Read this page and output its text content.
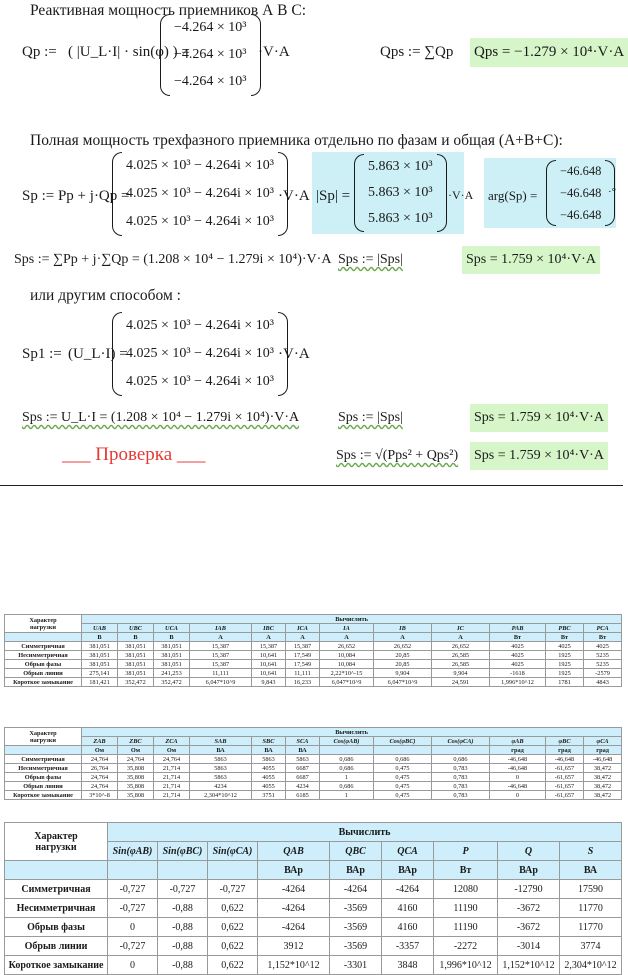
Реактивная мощность приемников А В С:
Qp := ( |U_L·I| · sin(φ) ) =
−4.264 × 10³
−4.264 × 10³
−4.264 × 10³
·V·A	Qps := ∑Qp Qps = −1.279 × 10⁴·V·A
Полная мощность трехфазного приемника отдельно по фазам и общая (A+B+C):
Sp := Pp + j·Qp =
4.025 × 10³ − 4.264i × 10³
4.025 × 10³ − 4.264i × 10³
4.025 × 10³ − 4.264i × 10³
·V·A |Sp| =
5.863 × 10³
5.863 × 10³
5.863 × 10³
·V·A arg(Sp) =
−46.648
−46.648
−46.648
·°
Sps := ∑Pp + j·∑Qp = (1.208 × 10⁴ − 1.279i × 10⁴)·V·A Sps := |Sps|	Sps = 1.759 × 10⁴·V·A
или другим способом :
Sp1 := (U_L·I) =
4.025 × 10³ − 4.264i × 10³
4.025 × 10³ − 4.264i × 10³
4.025 × 10³ − 4.264i × 10³
·V·A
Sps := U_L·I = (1.208 × 10⁴ − 1.279i × 10⁴)·V·A	Sps := |Sps|	Sps = 1.759 × 10⁴·V·A
___ Проверка ___	Sps := √(Pps² + Qps²) Sps = 1.759 × 10⁴·V·A
Характер
нагрузки	Вычислить											
	UAB	UBC	UCA	IAB	IBC	ICA	IA	IB	IC	PAB	PBC	PCA
	В	В	В	А	А	А	А	А	А	Вт	Вт	Вт
Симметричная	381,051	381,051	381,051	15,387	15,387	15,387	26,652	26,652	26,652	4025	4025	4025
Несимметричная	381,051	381,051	381,051	15,387	10,641	17,549	10,084	20,85	26,585	4025	1925	5235
Обрыв фазы	381,051	381,051	381,051	15,387	10,641	17,549	10,084	20,85	26,585	4025	1925	5235
Обрыв линии	275,141	381,051	241,253	11,111	10,641	11,111	2,22*10^-15	9,904	9,904	-1618	1925	-2579
Короткое замыкание	181,421	352,472	352,472	6,047*10^9	9,843	16,233	6,047*10^9	6,047*10^9	24,591	1,996*10^12	1781	4843
Характер
нагрузки	Вычислить											
	ZAB	ZBC	ZCA	SAB	SBC	SCA	Cos(φAB)	Cos(φBC)	Cos(φCA)	φAB	φBC	φCA
	Ом	Ом	Ом	ВА	ВА	ВА				град	град	град
Симметричная	24,764	24,764	24,764	5863	5863	5863	0,686	0,686	0,686	-46,648	-46,648	-46,648
Несимметричная	26,764	35,808	21,714	5863	4055	6687	0,686	0,475	0,783	-46,648	-61,657	38,472
Обрыв фазы	24,764	35,808	21,714	5863	4055	6687	1	0,475	0,783	0	-61,657	38,472
Обрыв линии	24,764	35,808	21,714	4234	4055	4234	0,686	0,475	0,783	-46,648	-61,657	38,472
Короткое замыкание	3*10^-8	35,808	21,714	2,304*10^12	3751	6185	1	0,475	0,783	0	-61,657	38,472
Характер
нагрузки	Вычислить								
	Sin(φAB)	Sin(φBC)	Sin(φCA)	QAB	QBC	QCA	P	Q	S
				ВАр	ВАр	ВАр	Вт	ВАр	ВА
Симметричная	-0,727	-0,727	-0,727	-4264	-4264	-4264	12080	-12790	17590
Несимметричная	-0,727	-0,88	0,622	-4264	-3569	4160	11190	-3672	11770
Обрыв фазы	0	-0,88	0,622	-4264	-3569	4160	11190	-3672	11770
Обрыв линии	-0,727	-0,88	0,622	3912	-3569	-3357	-2272	-3014	3774
Короткое замыкание	0	-0,88	0,622	1,152*10^12	-3301	3848	1,996*10^12	1,152*10^12	2,304*10^12
